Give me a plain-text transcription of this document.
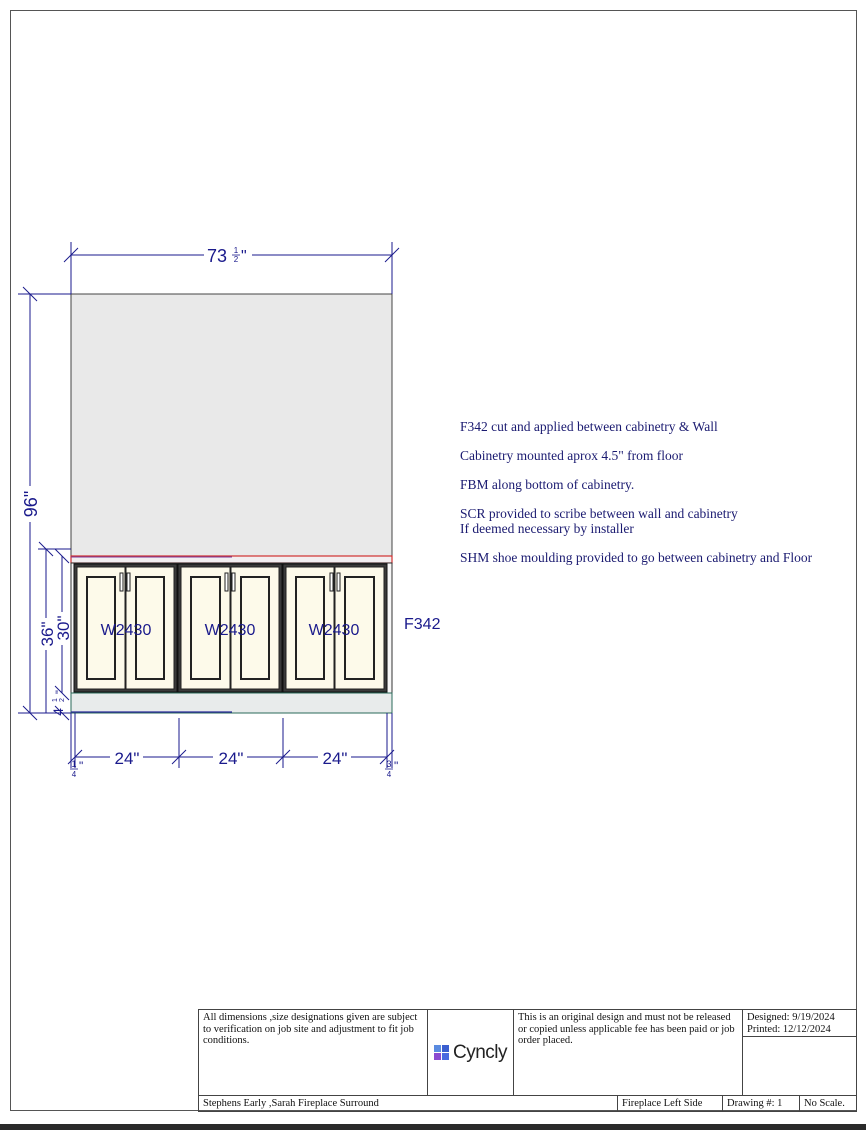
W2430	W2430	W2430	F342
73 1
2 "
96"
36"
30"
4
1 2
"
24"	24"	24"
1
4
"	3
4
"

F342 cut and applied between cabinetry & Wall

Cabinetry mounted aprox 4.5" from floor

FBM along bottom of cabinetry.

SCR provided to scribe between wall and cabinetry

If deemed necessary by installer

SHM shoe moulding provided to go between cabinetry and Floor

All dimensions ,size designations given are subject to verification on job site and adjustment to fit job conditions.
Cyncly
This is an original design and must not be released or copied unless applicable fee has been paid or job order placed.
Designed: 9/19/2024
Printed: 12/12/2024
Stephens Early ,Sarah Fireplace Surround	Fireplace Left Side	Drawing #: 1	No Scale.
